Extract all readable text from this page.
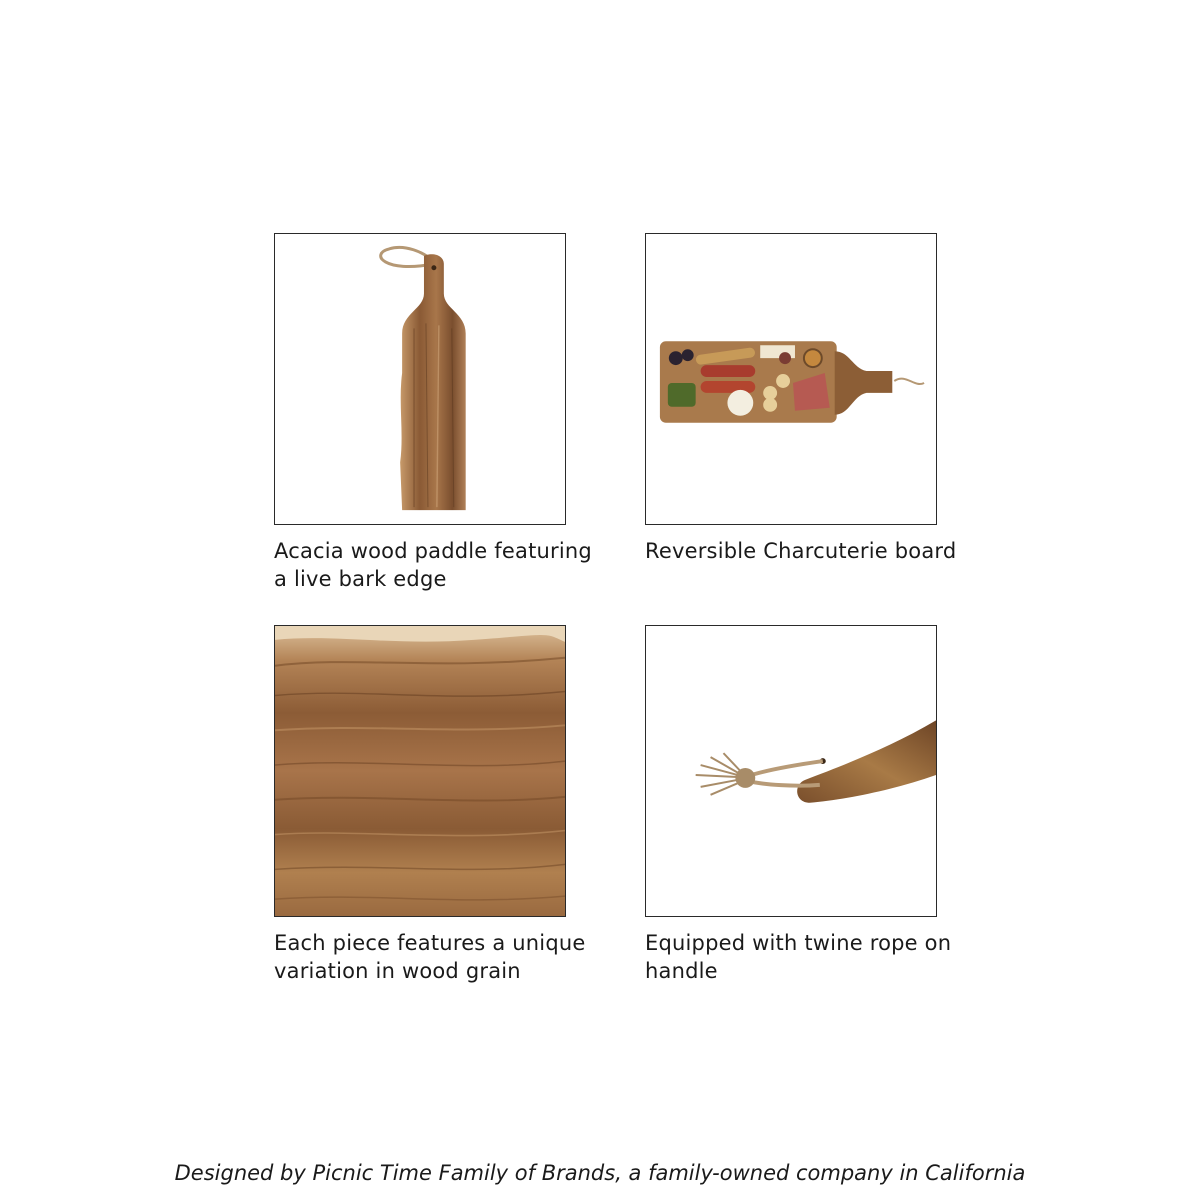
Acacia wood paddle featuring a live bark edge

Reversible Charcuterie board

Each piece features a unique variation in wood grain

Equipped with twine rope on handle

Designed by Picnic Time Family of Brands, a family-owned company in California
